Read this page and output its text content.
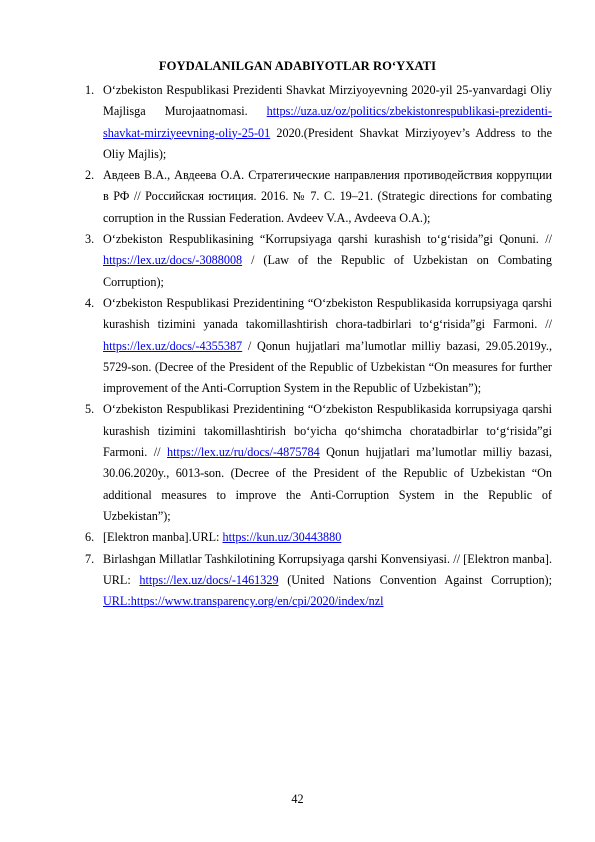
FOYDALANILGAN ADABIYOTLAR RO‘YXATI
1. O‘zbekiston Respublikasi Prezidenti Shavkat Mirziyoyevning 2020-yil 25-yanvardagi Oliy Majlisga Murojaatnomasi. https://uza.uz/oz/politics/zbekistonrespublikasi-prezidenti-shavkat-mirziyeevning-oliy-25-01 2020.(President Shavkat Mirziyoyev’s Address to the Oliy Majlis);
2. Авдеев В.А., Авдеева О.А. Стратегические направления противодействия коррупции в РФ // Российская юстиция. 2016. № 7. С. 19–21. (Strategic directions for combating corruption in the Russian Federation. Avdeev V.A., Avdeeva O.A.);
3. O‘zbekiston Respublikasining “Korrupsiyaga qarshi kurashish to‘g‘risida”gi Qonuni. // https://lex.uz/docs/-3088008 / (Law of the Republic of Uzbekistan on Combating Corruption);
4. O‘zbekiston Respublikasi Prezidentining “O‘zbekiston Respublikasida korrupsiyaga qarshi kurashish tizimini yanada takomillashtirish chora-tadbirlari to‘g‘risida”gi Farmoni. // https://lex.uz/docs/-4355387 / Qonun hujjatlari ma’lumotlar milliy bazasi, 29.05.2019y., 5729-son. (Decree of the President of the Republic of Uzbekistan “On measures for further improvement of the Anti-Corruption System in the Republic of Uzbekistan”);
5. O‘zbekiston Respublikasi Prezidentining “O‘zbekiston Respublikasida korrupsiyaga qarshi kurashish tizimini takomillashtirish bo‘yicha qo‘shimcha choratadbirlar to‘g‘risida”gi Farmoni. // https://lex.uz/ru/docs/-4875784 Qonun hujjatlari ma’lumotlar milliy bazasi, 30.06.2020y., 6013-son. (Decree of the President of the Republic of Uzbekistan “On additional measures to improve the Anti-Corruption System in the Republic of Uzbekistan”);
6. [Elektron manba].URL: https://kun.uz/30443880
7. Birlashgan Millatlar Tashkilotining Korrupsiyaga qarshi Konvensiyasi. // [Elektron manba]. URL: https://lex.uz/docs/-1461329 (United Nations Convention Against Corruption); URL:https://www.transparency.org/en/cpi/2020/index/nzl
42
